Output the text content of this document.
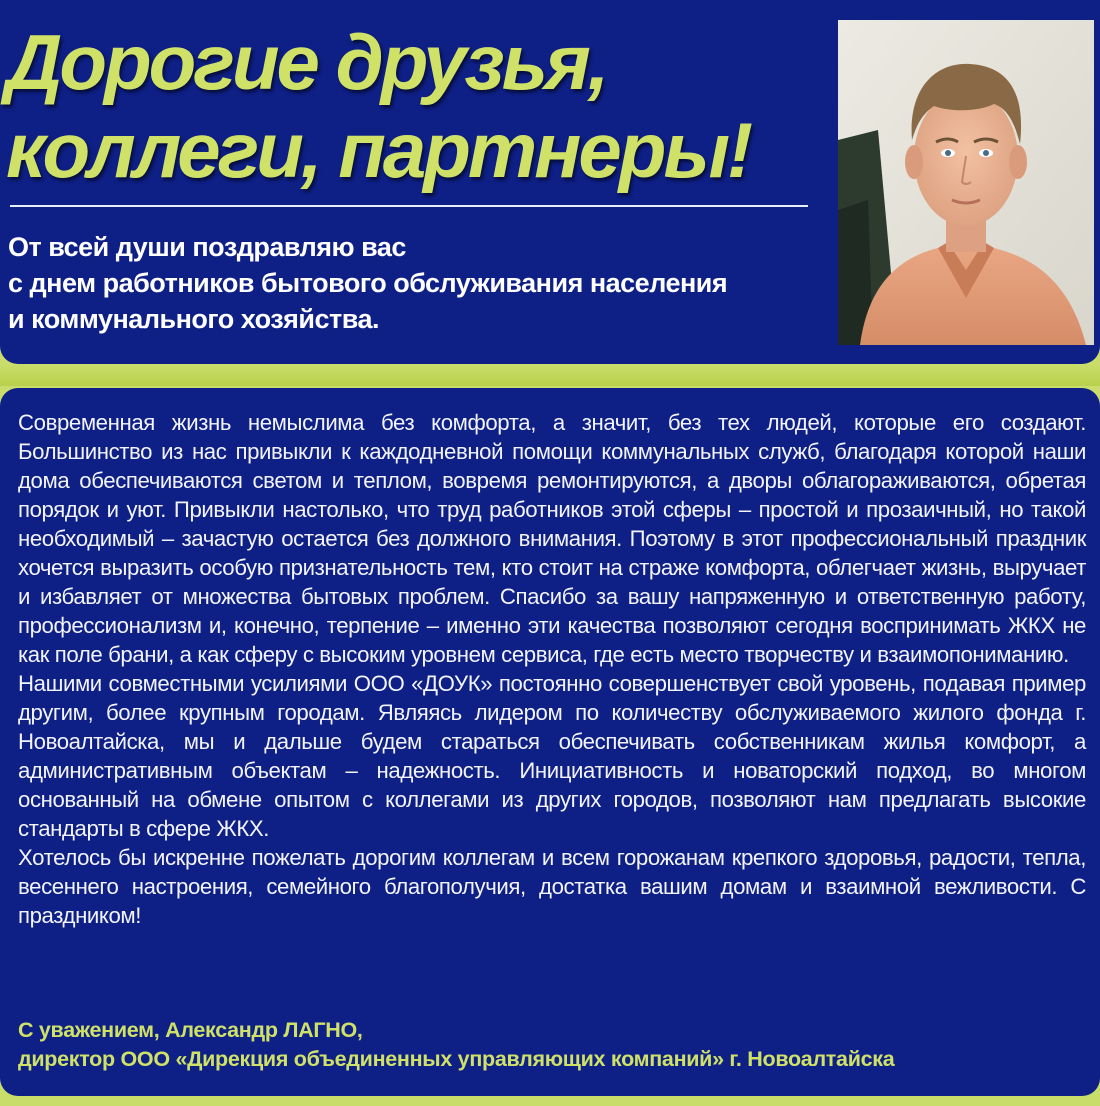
Дорогие друзья,
коллеги, партнеры!

От всей души поздравляю вас
с днем работников бытового обслуживания населения
и коммунального хозяйства.

Современная жизнь немыслима без комфорта, а значит, без тех людей, которые его создают. Большинство из нас привыкли к каждодневной помощи коммунальных служб, благодаря которой наши дома обеспечиваются светом и теплом, вовремя ремонтируются, а дворы облагораживаются, обретая порядок и уют. Привыкли настолько, что труд работников этой сферы – простой и прозаичный, но такой необходимый – зачастую остается без должного внимания. Поэтому в этот профессиональный праздник хочется выразить особую признательность тем, кто стоит на страже комфорта, облегчает жизнь, выручает и избавляет от множества бытовых проблем. Спасибо за вашу напряженную и ответственную работу, профессионализм и, конечно, терпение – именно эти качества позволяют сегодня воспринимать ЖКХ не как поле брани, а как сферу с высоким уровнем сервиса, где есть место творчеству и взаимопониманию.

Нашими совместными усилиями ООО «ДОУК» постоянно совершенствует свой уровень, подавая пример другим, более крупным городам. Являясь лидером по количеству обслуживаемого жилого фонда г. Новоалтайска, мы и дальше будем стараться обеспечивать собственникам жилья комфорт, а административным объектам – надежность. Инициативность и новаторский подход, во многом основанный на обмене опытом с коллегами из других городов, позволяют нам предлагать высокие стандарты в сфере ЖКХ.

Хотелось бы искренне пожелать дорогим коллегам и всем горожанам крепкого здоровья, радости, тепла, весеннего настроения, семейного благополучия, достатка вашим домам и взаимной вежливости. С праздником!

С уважением, Александр ЛАГНО,
директор ООО «Дирекция объединенных управляющих компаний» г. Новоалтайска
